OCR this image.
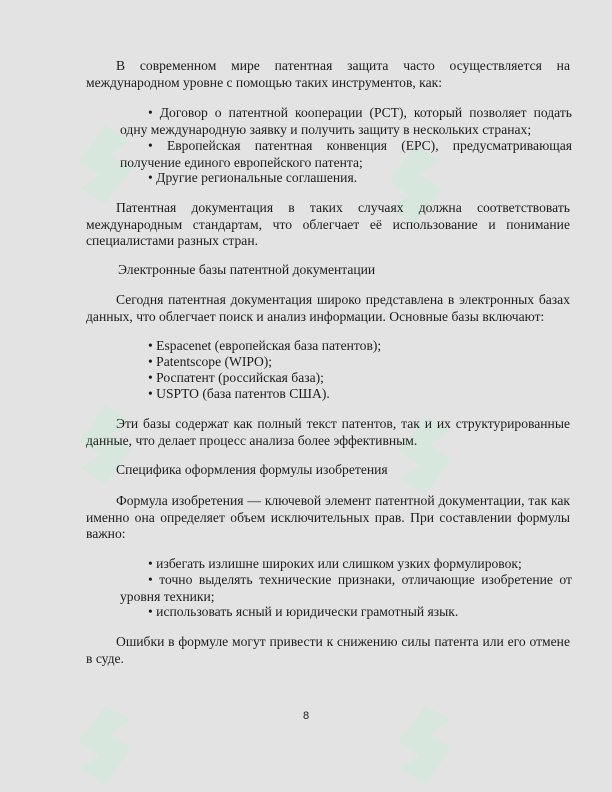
В современном мире патентная защита часто осуществляется на международном уровне с помощью таких инструментов, как:

• Договор о патентной кооперации (PCT), который позволяет подать одну международную заявку и получить защиту в нескольких странах;

• Европейская патентная конвенция (EPC), предусматривающая получение единого европейского патента;

• Другие региональные соглашения.

Патентная документация в таких случаях должна соответствовать международным стандартам, что облегчает её использование и понимание специалистами разных стран.

Электронные базы патентной документации

Сегодня патентная документация широко представлена в электронных базах данных, что облегчает поиск и анализ информации. Основные базы включают:

• Espacenet (европейская база патентов);

• Patentscope (WIPO);

• Роспатент (российская база);

• USPTO (база патентов США).

Эти базы содержат как полный текст патентов, так и их структурированные данные, что делает процесс анализа более эффективным.

Специфика оформления формулы изобретения

Формула изобретения — ключевой элемент патентной документации, так как именно она определяет объем исключительных прав. При составлении формулы важно:

• избегать излишне широких или слишком узких формулировок;

• точно выделять технические признаки, отличающие изобретение от уровня техники;

• использовать ясный и юридически грамотный язык.

Ошибки в формуле могут привести к снижению силы патента или его отмене в суде.

8
